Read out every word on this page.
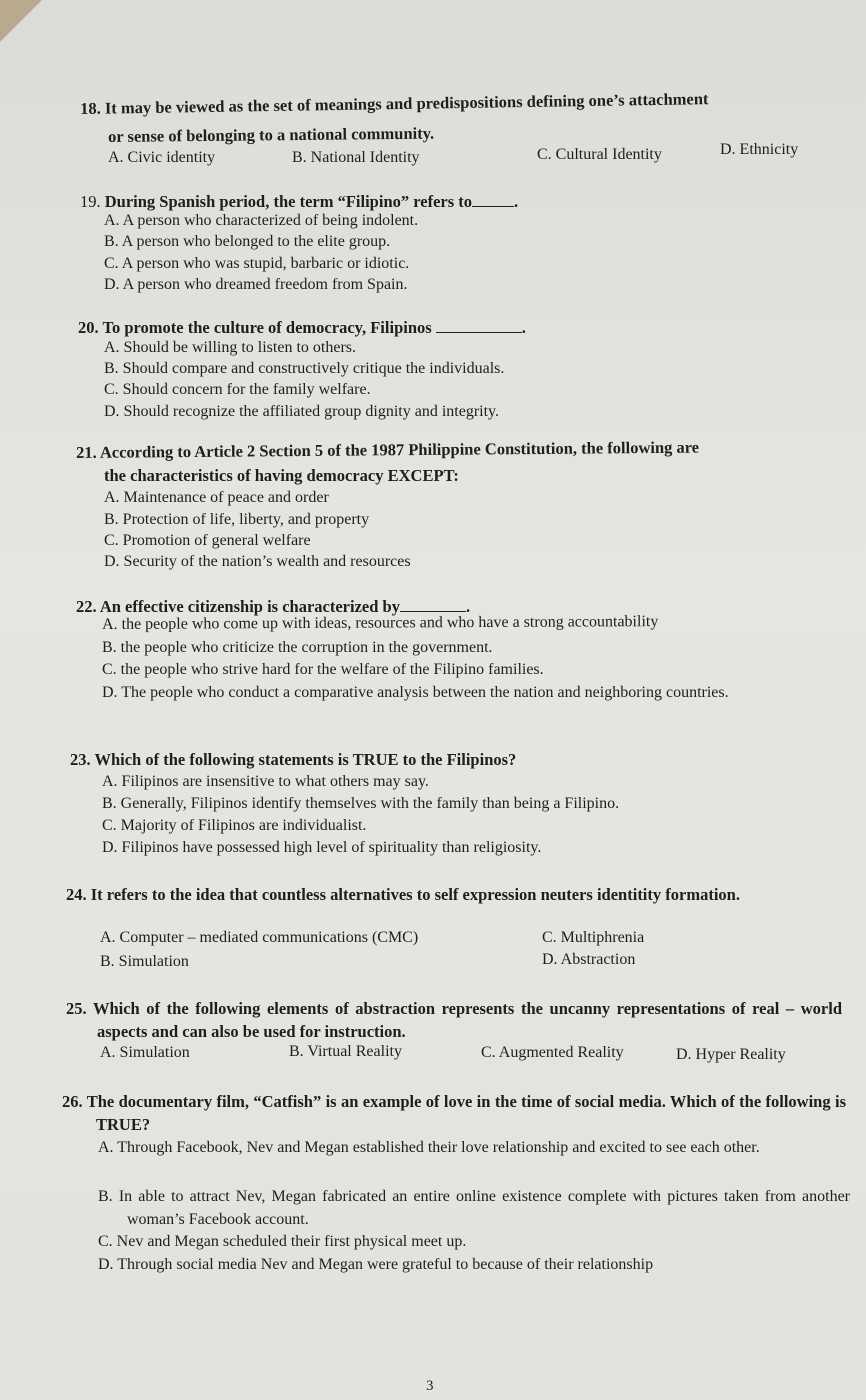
18. It may be viewed as the set of meanings and predispositions defining one’s attachment
or sense of belonging to a national community.
A. Civic identity	B. National Identity	C. Cultural Identity	D. Ethnicity
19. During Spanish period, the term “Filipino” refers to	.
A. A person who characterized of being indolent.
B. A person who belonged to the elite group.
C. A person who was stupid, barbaric or idiotic.
D. A person who dreamed freedom from Spain.
20. To promote the culture of democracy, Filipinos	.
A. Should be willing to listen to others.
B. Should compare and constructively critique the individuals.
C. Should concern for the family welfare.
D. Should recognize the affiliated group dignity and integrity.
21. According to Article 2 Section 5 of the 1987 Philippine Constitution, the following are
the characteristics of having democracy EXCEPT:
A. Maintenance of peace and order
B. Protection of life, liberty, and property
C. Promotion of general welfare
D. Security of the nation’s wealth and resources
22. An effective citizenship is characterized by	.
A. the people who come up with ideas, resources and who have a strong accountability
B. the people who criticize the corruption in the government.
C. the people who strive hard for the welfare of the Filipino families.
D. The people who conduct a comparative analysis between the nation and neighboring countries.
23. Which of the following statements is TRUE to the Filipinos?
A. Filipinos are insensitive to what others may say.
B. Generally, Filipinos identify themselves with the family than being a Filipino.
C. Majority of Filipinos are individualist.
D. Filipinos have possessed high level of spirituality than religiosity.
24. It refers to the idea that countless alternatives to self expression neuters identitity formation.
A. Computer – mediated communications (CMC)
B. Simulation
C. Multiphrenia
D. Abstraction
25. Which of the following elements of abstraction represents the uncanny representations of real – world aspects and can also be used for instruction.
A. Simulation	B. Virtual Reality	C. Augmented Reality	D. Hyper Reality
26. The documentary film, “Catfish” is an example of love in the time of social media. Which of the following is TRUE?
A. Through Facebook, Nev and Megan established their love relationship and excited to see each other.
B. In able to attract Nev, Megan fabricated an entire online existence complete with pictures taken from another woman’s Facebook account.
C. Nev and Megan scheduled their first physical meet up.
D. Through social media Nev and Megan were grateful to because of their relationship
3
